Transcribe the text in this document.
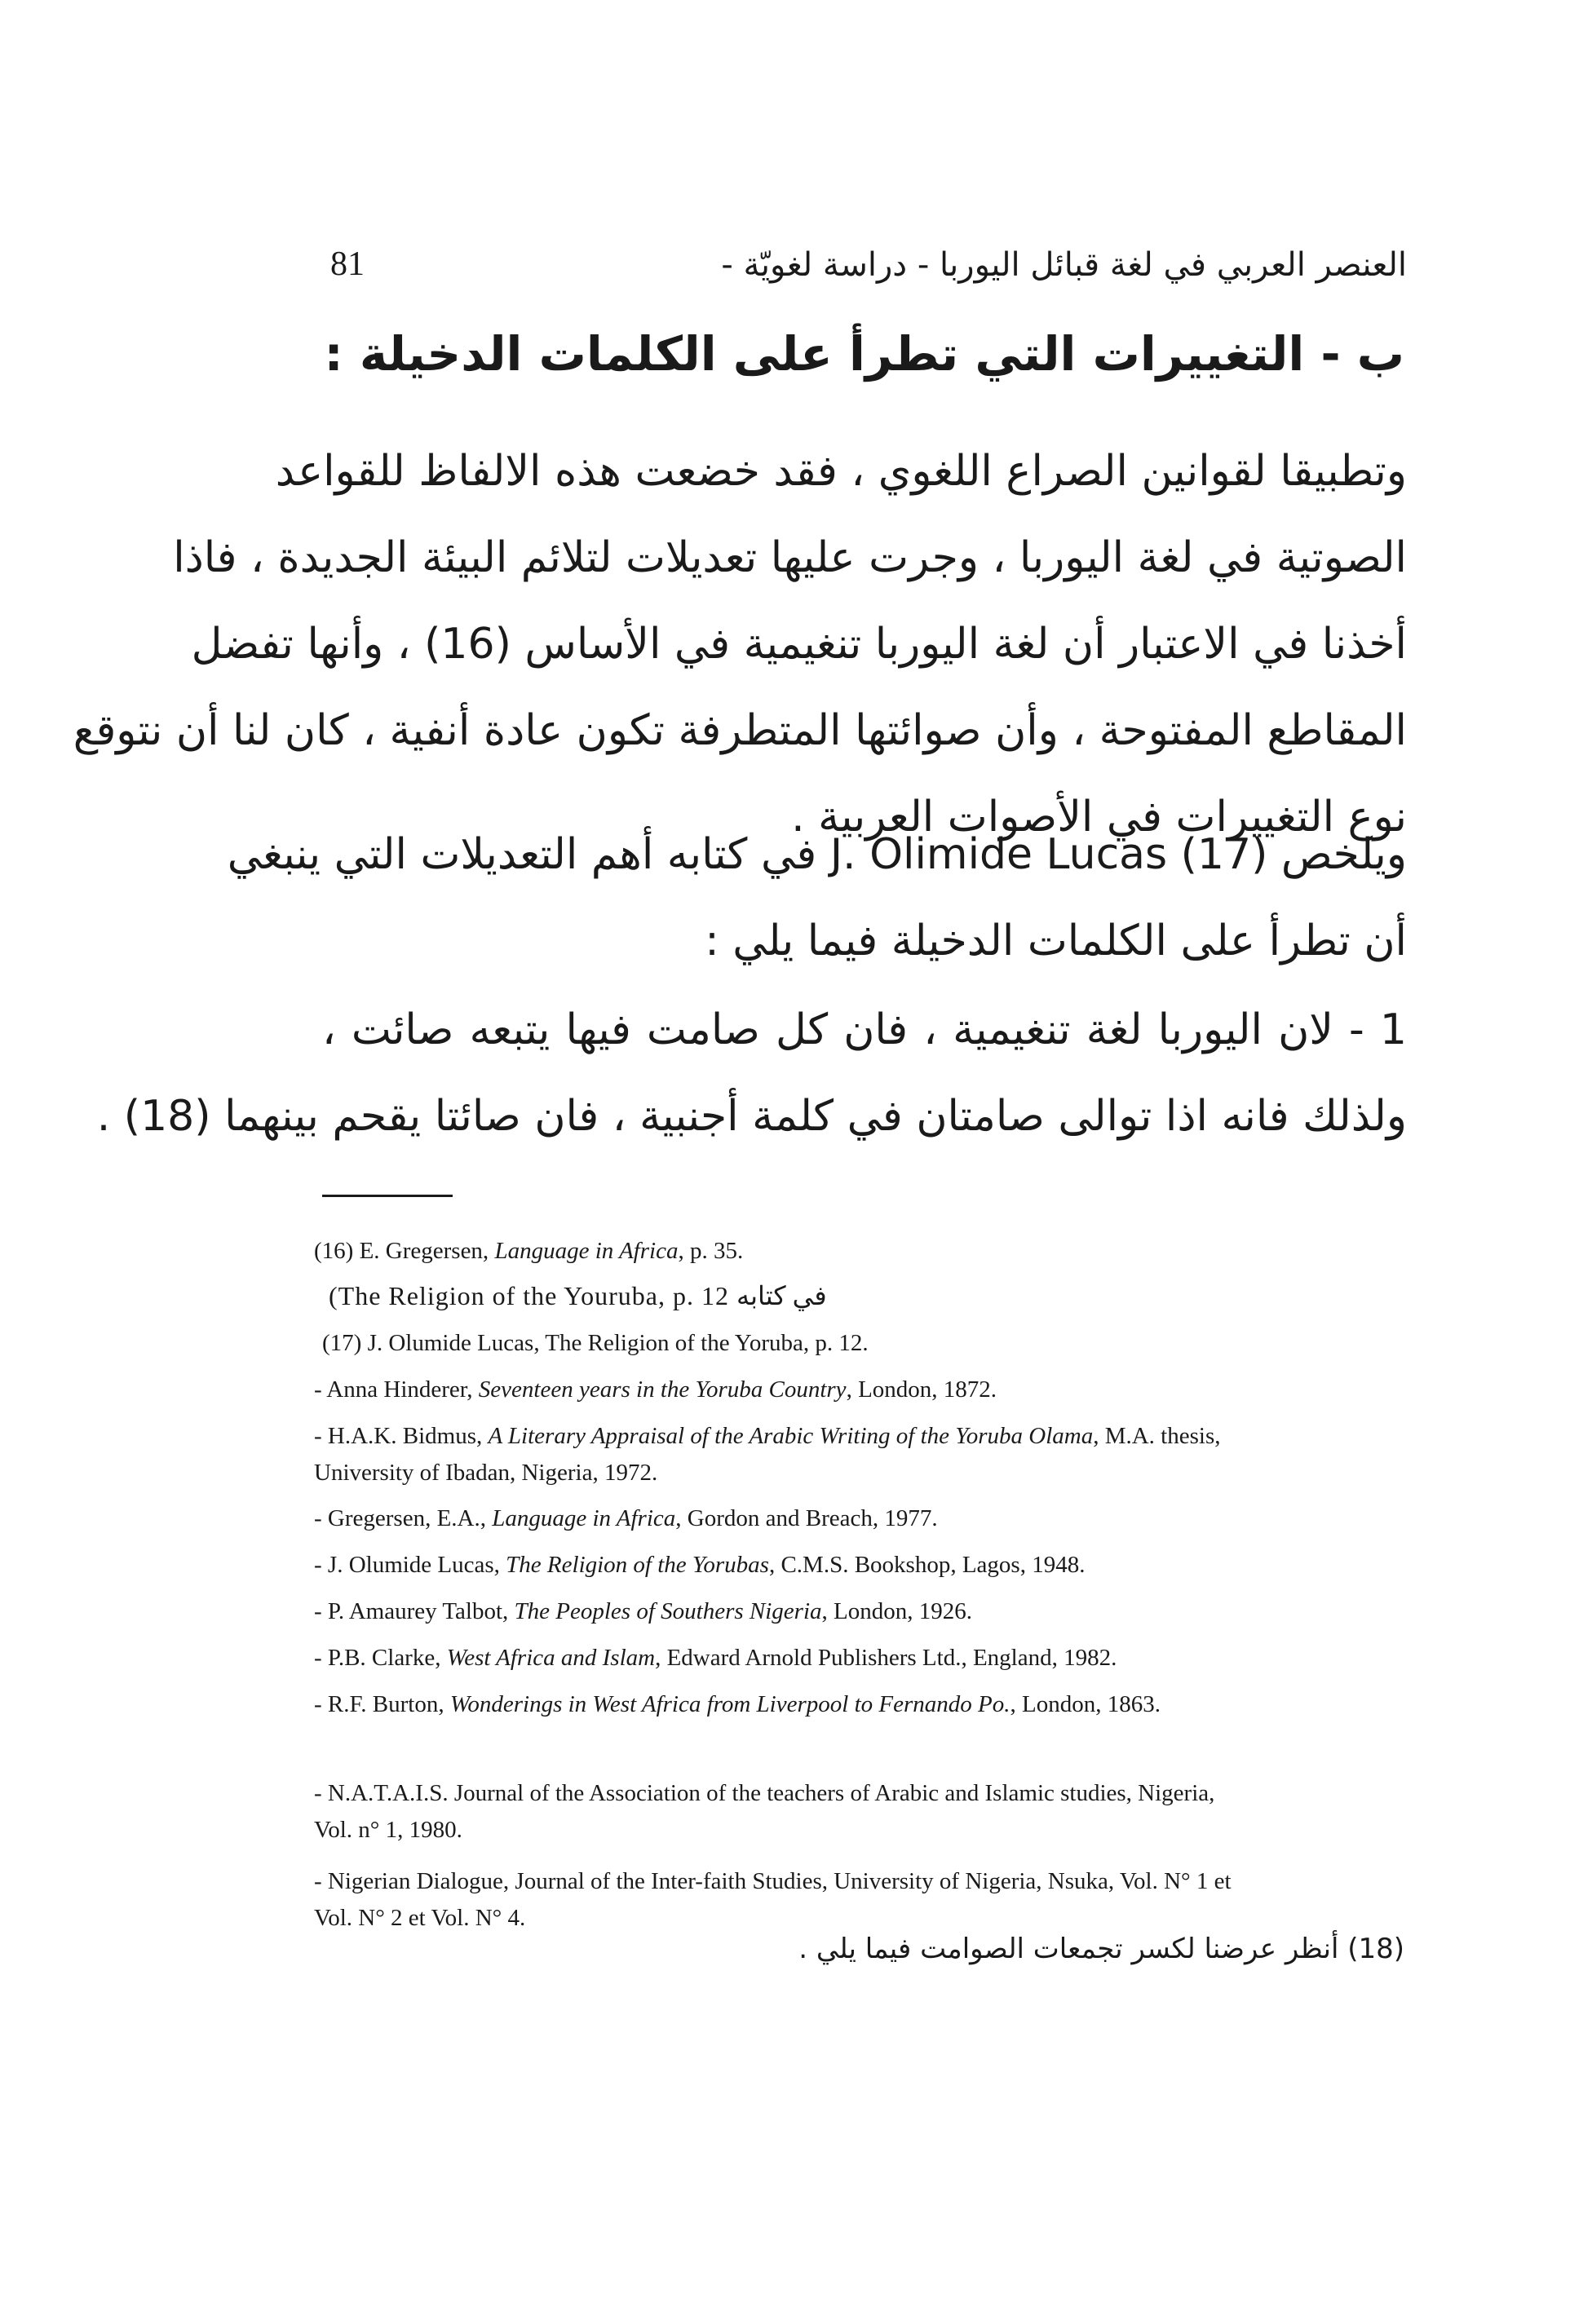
81	العنصر العربي في لغة قبائل اليوربا - دراسة لغويّة -
ب - التغييرات التي تطرأ على الكلمات الدخيلة :
وتطبيقا لقوانين الصراع اللغوي ، فقد خضعت هذه الالفاظ للقواعد
الصوتية في لغة اليوربا ، وجرت عليها تعديلات لتلائم البيئة الجديدة ، فاذا
أخذنا في الاعتبار أن لغة اليوربا تنغيمية في الأساس (16) ، وأنها تفضل
المقاطع المفتوحة ، وأن صوائتها المتطرفة تكون عادة أنفية ، كان لنا أن نتوقع
نوع التغييرات في الأصوات العربية .
ويلخص J. Olimide Lucas (17) في كتابه أهم التعديلات التي ينبغي
أن تطرأ على الكلمات الدخيلة فيما يلي :
1 - لان اليوربا لغة تنغيمية ، فان كل صامت فيها يتبعه صائت ،
ولذلك فانه اذا توالى صامتان في كلمة أجنبية ، فان صائتا يقحم بينهما (18) .
(16) E. Gregersen, Language in Africa, p. 35.
(The Religion of the Youruba, p. 12 في كتابه
(17) J. Olumide Lucas, The Religion of the Yoruba, p. 12.
- Anna Hinderer, Seventeen years in the Yoruba Country, London, 1872.
- H.A.K. Bidmus, A Literary Appraisal of the Arabic Writing of the Yoruba Olama, M.A. thesis,
University of Ibadan, Nigeria, 1972.
- Gregersen, E.A., Language in Africa, Gordon and Breach, 1977.
- J. Olumide Lucas, The Religion of the Yorubas, C.M.S. Bookshop, Lagos, 1948.
- P. Amaurey Talbot, The Peoples of Southers Nigeria, London, 1926.
- P.B. Clarke, West Africa and Islam, Edward Arnold Publishers Ltd., England, 1982.
- R.F. Burton, Wonderings in West Africa from Liverpool to Fernando Po., London, 1863.
- N.A.T.A.I.S. Journal of the Association of the teachers of Arabic and Islamic studies, Nigeria,
Vol. n° 1, 1980.
- Nigerian Dialogue, Journal of the Inter-faith Studies, University of Nigeria, Nsuka, Vol. N° 1 et
Vol. N° 2 et Vol. N° 4.
(18) أنظر عرضنا لكسر تجمعات الصوامت فيما يلي .
